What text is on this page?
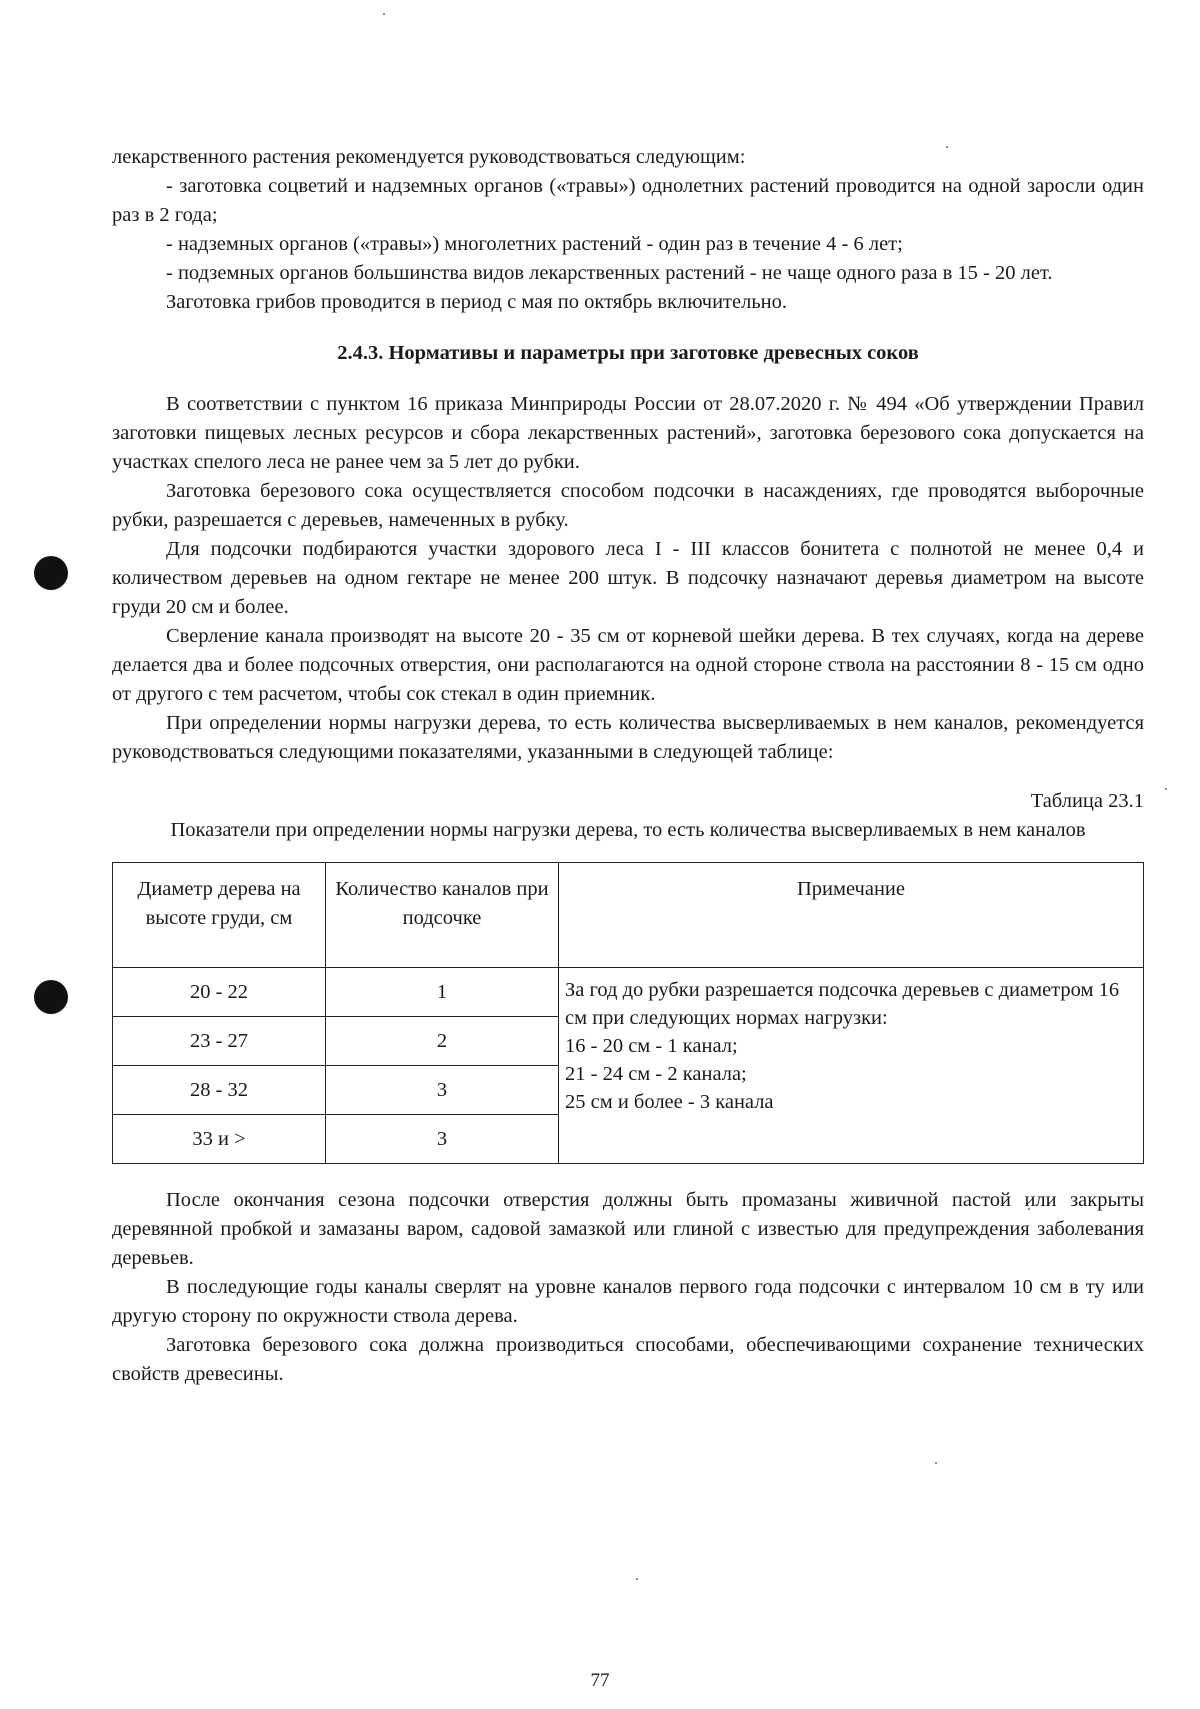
лекарственного растения рекомендуется руководствоваться следующим:

- заготовка соцветий и надземных органов («травы») однолетних растений проводится на одной заросли один раз в 2 года;

- надземных органов («травы») многолетних растений - один раз в течение 4 - 6 лет;

- подземных органов большинства видов лекарственных растений - не чаще одного раза в 15 - 20 лет.

Заготовка грибов проводится в период с мая по октябрь включительно.

2.4.3. Нормативы и параметры при заготовке древесных соков

В соответствии с пунктом 16 приказа Минприроды России от 28.07.2020 г. № 494 «Об утверждении Правил заготовки пищевых лесных ресурсов и сбора лекарственных растений», заготовка березового сока допускается на участках спелого леса не ранее чем за 5 лет до рубки.

Заготовка березового сока осуществляется способом подсочки в насаждениях, где проводятся выборочные рубки, разрешается с деревьев, намеченных в рубку.

Для подсочки подбираются участки здорового леса I - III классов бонитета с полнотой не менее 0,4 и количеством деревьев на одном гектаре не менее 200 штук. В подсочку назначают деревья диаметром на высоте груди 20 см и более.

Сверление канала производят на высоте 20 - 35 см от корневой шейки дерева. В тех случаях, когда на дереве делается два и более подсочных отверстия, они располагаются на одной стороне ствола на расстоянии 8 - 15 см одно от другого с тем расчетом, чтобы сок стекал в один приемник.

При определении нормы нагрузки дерева, то есть количества высверливаемых в нем каналов, рекомендуется руководствоваться следующими показателями, указанными в следующей таблице:

Таблица 23.1

Показатели при определении нормы нагрузки дерева, то есть количества высверливаемых в нем каналов

Диаметр дерева на высоте груди, см	Количество каналов при подсочке	Примечание
20 - 22	1	За год до рубки разрешается подсочка деревьев с диаметром 16 см при следующих нормах нагрузки:
16 - 20 см - 1 канал;
21 - 24 см - 2 канала;
25 см и более - 3 канала

23 - 27	2	
28 - 32	3	
33 и >	3	

После окончания сезона подсочки отверстия должны быть промазаны живичной пастой или закрыты деревянной пробкой и замазаны варом, садовой замазкой или глиной с известью для предупреждения заболевания деревьев.

В последующие годы каналы сверлят на уровне каналов первого года подсочки с интервалом 10 см в ту или другую сторону по окружности ствола дерева.

Заготовка березового сока должна производиться способами, обеспечивающими сохранение технических свойств древесины.

77
